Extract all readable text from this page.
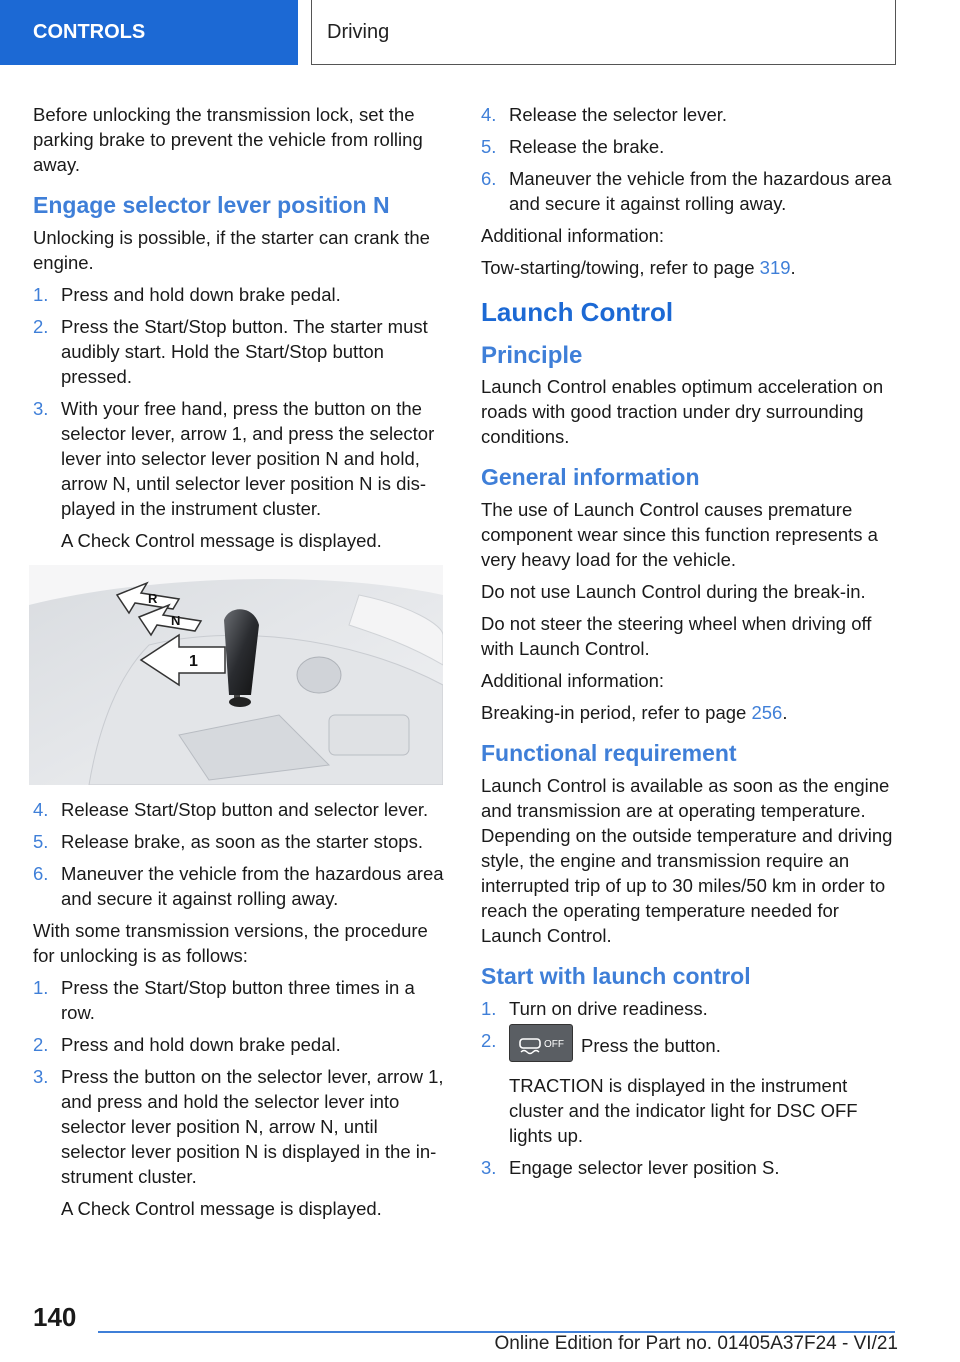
CONTROLS	Driving

Before unlocking the transmission lock, set the parking brake to prevent the vehicle from rolling away.

Engage selector lever position N

Unlocking is possible, if the starter can crank the engine.

1. Press and hold down brake pedal.
2. Press the Start/Stop button. The starter must audibly start. Hold the Start/Stop button pressed.
3. With your free hand, press the button on the selector lever, arrow 1, and press the selector lever into selector lever position N and hold, arrow N, until selector lever position N is displayed in the instrument cluster.
A Check Control message is displayed.
R
N
1
4. Release Start/Stop button and selector lever.
5. Release brake, as soon as the starter stops.
6. Maneuver the vehicle from the hazardous area and secure it against rolling away.

With some transmission versions, the procedure for unlocking is as follows:

1. Press the Start/Stop button three times in a row.
2. Press and hold down brake pedal.
3. Press the button on the selector lever, arrow 1, and press and hold the selector lever into selector lever position N, arrow N, until selector lever position N is displayed in the instrument cluster.
A Check Control message is displayed.
4. Release the selector lever.
5. Release the brake.
6. Maneuver the vehicle from the hazardous area and secure it against rolling away.

Additional information:

Tow-starting/towing, refer to page 319.

Launch Control
Principle

Launch Control enables optimum acceleration on roads with good traction under dry surrounding conditions.

General information

The use of Launch Control causes premature component wear since this function represents a very heavy load for the vehicle.

Do not use Launch Control during the break-in.

Do not steer the steering wheel when driving off with Launch Control.

Additional information:

Breaking-in period, refer to page 256.

Functional requirement

Launch Control is available as soon as the engine and transmission are at operating temperature. Depending on the outside temperature and driving style, the engine and transmission require an interrupted trip of up to 30 miles/50 km in order to reach the operating temperature needed for Launch Control.

Start with launch control
1. Turn on drive readiness.
2.	OFF Press the button.
TRACTION is displayed in the instrument cluster and the indicator light for DSC OFF lights up.
3. Engage selector lever position S.
140
Online Edition for Part no. 01405A37F24 - VI/21
